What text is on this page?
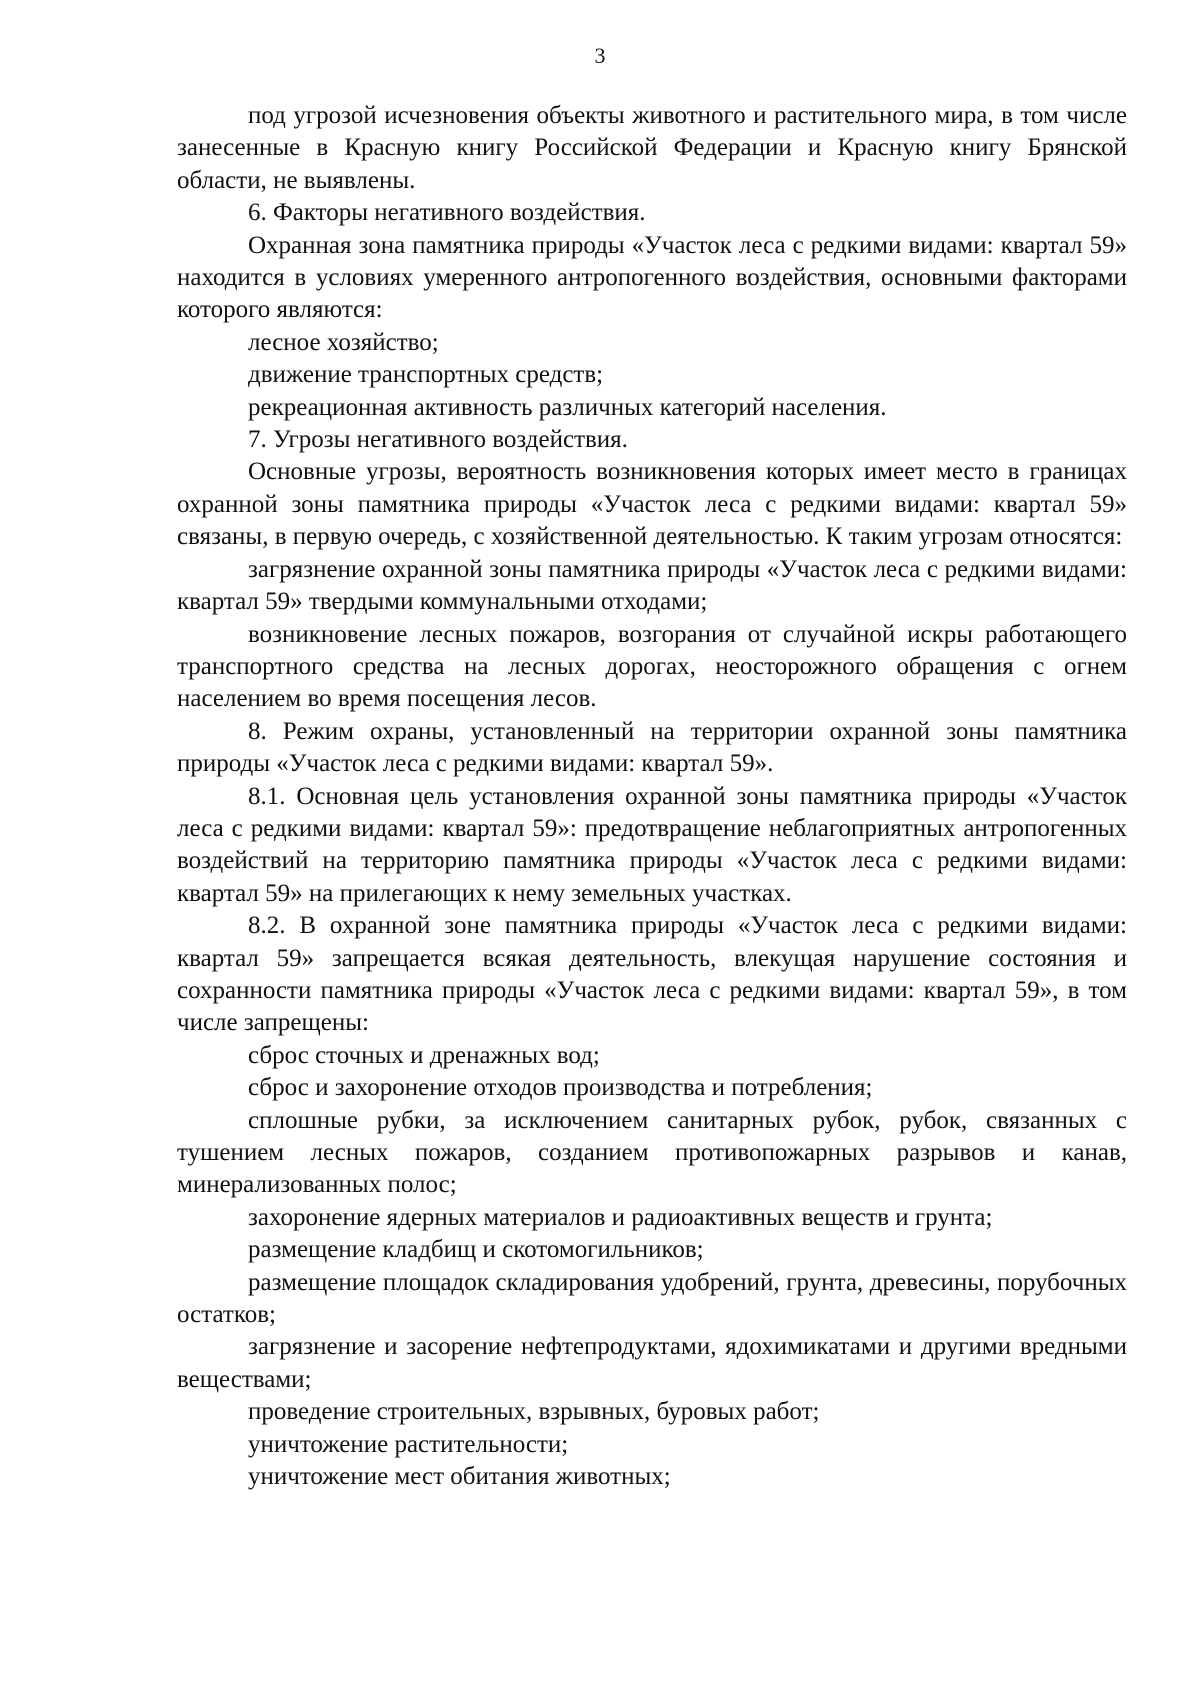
3

под угрозой исчезновения объекты животного и растительного мира, в том числе занесенные в Красную книгу Российской Федерации и Красную книгу Брянской области, не выявлены.

6. Факторы негативного воздействия.

Охранная зона памятника природы «Участок леса с редкими видами: квартал 59» находится в условиях умеренного антропогенного воздействия, основными факторами которого являются:

лесное хозяйство;

движение транспортных средств;

рекреационная активность различных категорий населения.

7. Угрозы негативного воздействия.

Основные угрозы, вероятность возникновения которых имеет место в границах охранной зоны памятника природы «Участок леса с редкими видами: квартал 59» связаны, в первую очередь, с хозяйственной деятельностью. К таким угрозам относятся:

загрязнение охранной зоны памятника природы «Участок леса с редкими видами: квартал 59» твердыми коммунальными отходами;

возникновение лесных пожаров, возгорания от случайной искры работающего транспортного средства на лесных дорогах, неосторожного обращения с огнем населением во время посещения лесов.

8. Режим охраны, установленный на территории охранной зоны памятника природы «Участок леса с редкими видами: квартал 59».

8.1. Основная цель установления охранной зоны памятника природы «Участок леса с редкими видами: квартал 59»: предотвращение неблагоприятных антропогенных воздействий на территорию памятника природы «Участок леса с редкими видами: квартал 59» на прилегающих к нему земельных участках.

8.2. В охранной зоне памятника природы «Участок леса с редкими видами: квартал 59» запрещается всякая деятельность, влекущая нарушение состояния и сохранности памятника природы «Участок леса с редкими видами: квартал 59», в том числе запрещены:

сброс сточных и дренажных вод;

сброс и захоронение отходов производства и потребления;

сплошные рубки, за исключением санитарных рубок, рубок, связанных с тушением лесных пожаров, созданием противопожарных разрывов и канав, минерализованных полос;

захоронение ядерных материалов и радиоактивных веществ и грунта;

размещение кладбищ и скотомогильников;

размещение площадок складирования удобрений, грунта, древесины, порубочных остатков;

загрязнение и засорение нефтепродуктами, ядохимикатами и другими вредными веществами;

проведение строительных, взрывных, буровых работ;

уничтожение растительности;

уничтожение мест обитания животных;
